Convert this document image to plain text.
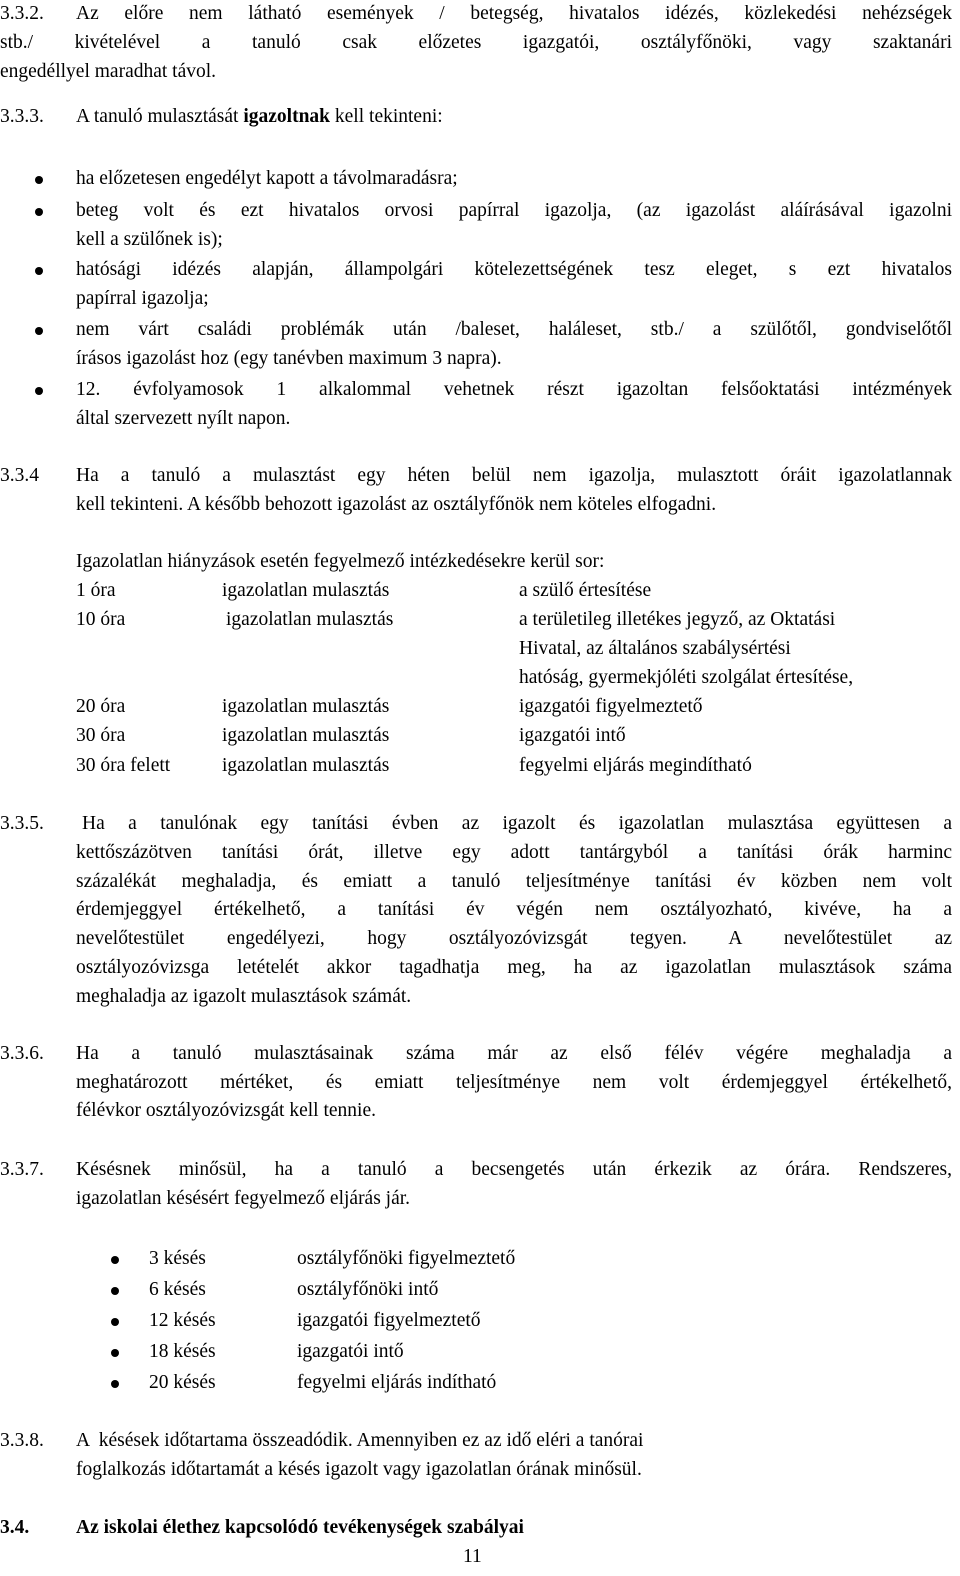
3.3.2. Az előre nem látható események / betegség, hivatalos idézés, közlekedési nehézségek
stb./ kivételével a tanuló csak előzetes igazgatói, osztályfőnöki, vagy szaktanári
engedéllyel maradhat távol.
3.3.3. A tanuló mulasztását igazoltnak kell tekinteni:
ha előzetesen engedélyt kapott a távolmaradásra;
beteg volt és ezt hivatalos orvosi papírral igazolja, (az igazolást aláírásával igazolni
kell a szülőnek is);
hatósági idézés alapján, állampolgári kötelezettségének tesz eleget, s ezt hivatalos
papírral igazolja;
nem várt családi problémák után /baleset, haláleset, stb./ a szülőtől, gondviselőtől
írásos igazolást hoz (egy tanévben maximum 3 napra).
12. évfolyamosok 1 alkalommal vehetnek részt igazoltan felsőoktatási intézmények
által szervezett nyílt napon.
3.3.4 Ha a tanuló a mulasztást egy héten belül nem igazolja, mulasztott óráit igazolatlannak
kell tekinteni. A később behozott igazolást az osztályfőnök nem köteles elfogadni.
Igazolatlan hiányzások esetén fegyelmező intézkedésekre kerül sor:
1 óra	igazolatlan mulasztás	a szülő értesítése
10 óra	igazolatlan mulasztás	a területileg illetékes jegyző, az Oktatási
Hivatal, az általános szabálysértési
hatóság, gyermekjóléti szolgálat értesítése,
20 óra	igazolatlan mulasztás	igazgatói figyelmeztető
30 óra	igazolatlan mulasztás	igazgatói intő
30 óra felett	igazolatlan mulasztás	fegyelmi eljárás megindítható
3.3.5. Ha a tanulónak egy tanítási évben az igazolt és igazolatlan mulasztása együttesen a
kettőszázötven tanítási órát, illetve egy adott tantárgyból a tanítási órák harminc
százalékát meghaladja, és emiatt a tanuló teljesítménye tanítási év közben nem volt
érdemjeggyel értékelhető, a tanítási év végén nem osztályozható, kivéve, ha a
nevelőtestület engedélyezi, hogy osztályozóvizsgát tegyen. A nevelőtestület az
osztályozóvizsga letételét akkor tagadhatja meg, ha az igazolatlan mulasztások száma
meghaladja az igazolt mulasztások számát.
3.3.6. Ha a tanuló mulasztásainak száma már az első félév végére meghaladja a
meghatározott mértéket, és emiatt teljesítménye nem volt érdemjeggyel értékelhető,
félévkor osztályozóvizsgát kell tennie.
3.3.7. Késésnek minősül, ha a tanuló a becsengetés után érkezik az órára. Rendszeres,
igazolatlan késésért fegyelmező eljárás jár.
3 késés	osztályfőnöki figyelmeztető
6 késés	osztályfőnöki intő
12 késés	igazgatói figyelmeztető
18 késés	igazgatói intő
20 késés	fegyelmi eljárás indítható
3.3.8. A  késések időtartama összeadódik. Amennyiben ez az idő eléri a tanórai
foglalkozás időtartamát a késés igazolt vagy igazolatlan órának minősül.
3.4. Az iskolai élethez kapcsolódó tevékenységek szabályai
11
